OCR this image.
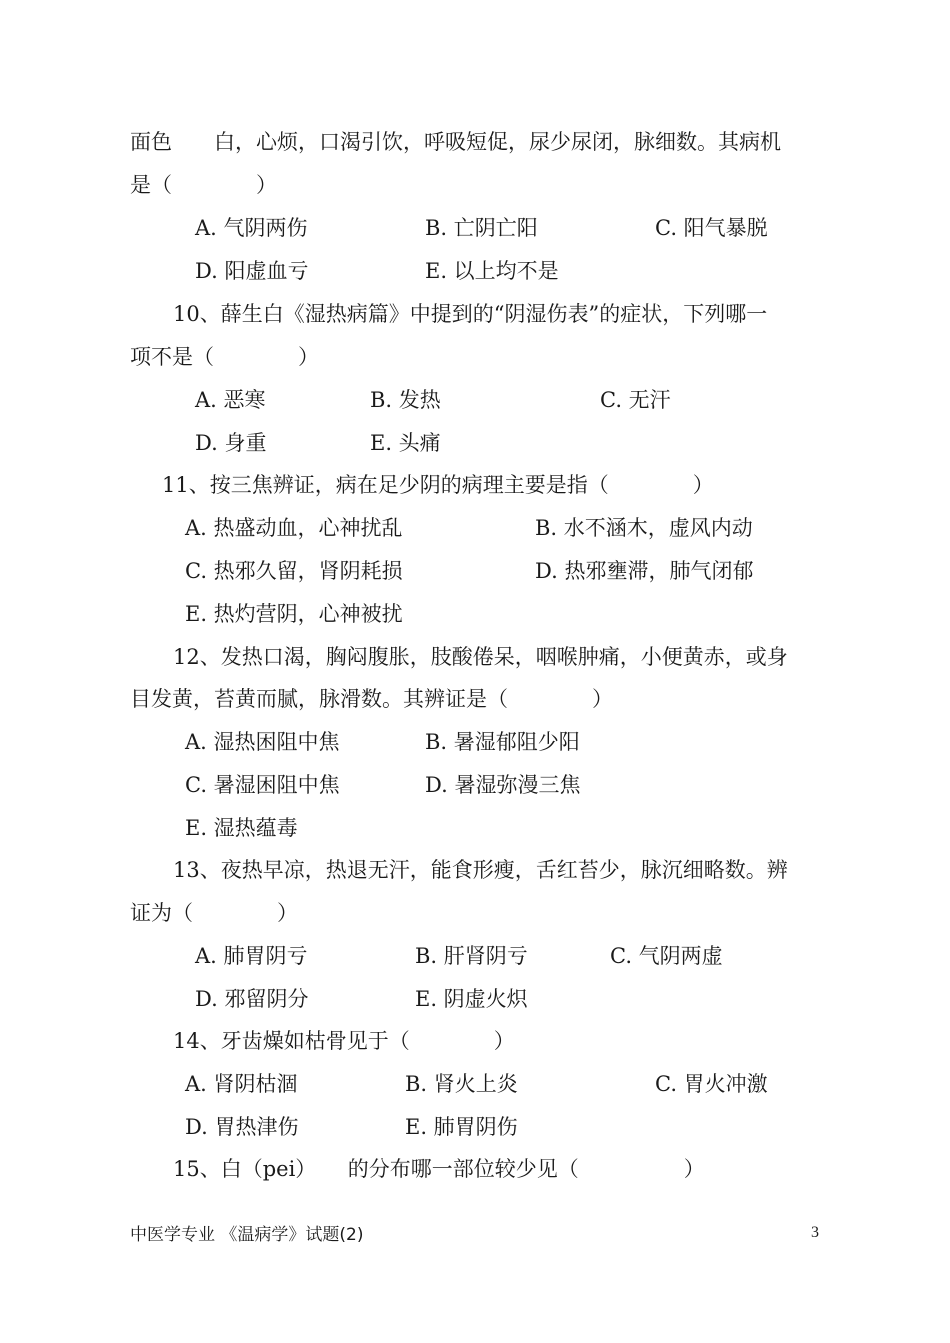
面色　　白，心烦，口渴引饮，呼吸短促，尿少尿闭，脉细数。其病机
是（　　　　）
A. 气阴两伤	B. 亡阴亡阳	C. 阳气暴脱
D. 阳虚血亏	E. 以上均不是
10、薛生白《湿热病篇》中提到的“阴湿伤表”的症状，下列哪一
项不是（　　　　）
A. 恶寒	B. 发热	C. 无汗
D. 身重	E. 头痛
11、按三焦辨证，病在足少阴的病理主要是指（　　　　）
A. 热盛动血，心神扰乱	B. 水不涵木，虚风内动
C. 热邪久留，肾阴耗损	D. 热邪壅滞，肺气闭郁
E. 热灼营阴，心神被扰
12、发热口渴，胸闷腹胀，肢酸倦呆，咽喉肿痛，小便黄赤，或身
目发黄，苔黄而腻，脉滑数。其辨证是（　　　　）
A. 湿热困阻中焦	B. 暑湿郁阻少阳
C. 暑湿困阻中焦	D. 暑湿弥漫三焦
E. 湿热蕴毒
13、夜热早凉，热退无汗，能食形瘦，舌红苔少，脉沉细略数。辨
证为（　　　　）
A. 肺胃阴亏	B. 肝肾阴亏	C. 气阴两虚
D. 邪留阴分	E. 阴虚火炽
14、牙齿燥如枯骨见于（　　　　）
A. 肾阴枯涸	B. 肾火上炎	C. 胃火冲激
D. 胃热津伤	E. 肺胃阴伤
15、白（pei）　　的分布哪一部位较少见（　　　　　）
中医学专业 《温病学》试题(2)	3
